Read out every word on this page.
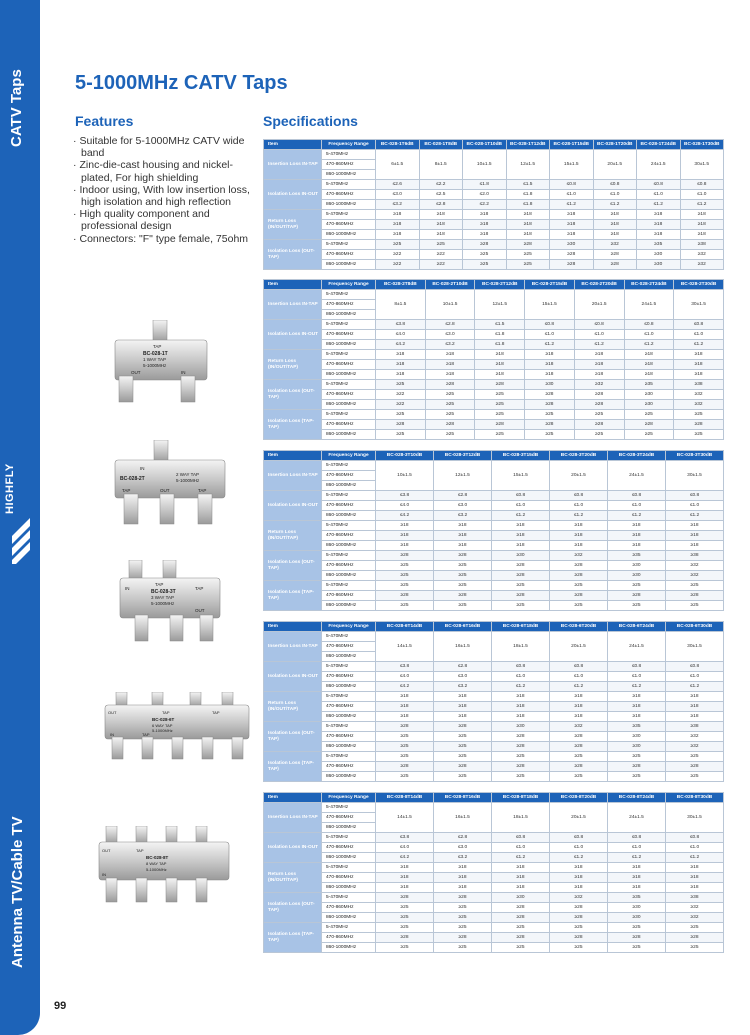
CATV Taps
HIGHFLY
Antenna TV/Cable TV
5-1000MHz CATV Taps
Features	Specifications
· Suitable for 5-1000MHz CATV wide band
· Zinc-die-cast housing and nickel-plated, For high shielding
· Indoor using, With low insertion loss, high isolation and high reflection
· High quality component and professional design
· Connectors: "F" type female, 75ohm
TAP
BC-028-1T
1 WAY TAP
5-1000MHz
OUT	IN
IN
BC-028-2T
2 WAY TAP
5-1000MHz
TAP	OUT	TAP
TAP
BC-028-3T
3 WAY TAP
5-1000MHz
IN	TAP
OUT
OUT	TAP
BC-028-6T
6 WAY TAP
5-1000MHz
IN	TAP
TAP
TAP
BC-028-8T
8 WAY TAP
5-1000MHz
OUT
IN
Item	Frequency Range	BC-028-1T6dB	BC-028-1T8dB	BC-028-1T10dB	BC-028-1T12dB	BC-028-1T15dB	BC-028-1T20dB	BC-028-1T24dB	BC-028-1T30dB
Insertion Loss IN-TAP	5-470MHz	6±1.5	8±1.5	10±1.5	12±1.5	15±1.5	20±1.5	24±1.5	30±1.5
	470-860MHz								
	860-1000MHz								
Isolation Loss IN-OUT	5-470MHz	≤2.6	≤2.2	≤1.8	≤1.5	≤0.8	≤0.8	≤0.8	≤0.8
	470-860MHz	≤3.0	≤2.5	≤2.0	≤1.8	≤1.0	≤1.0	≤1.0	≤1.0
	860-1000MHz	≤3.2	≤2.8	≤2.2	≤1.8	≤1.2	≤1.2	≤1.2	≤1.2
Return Loss (IN/OUT/TAP)	5-470MHz	≥18	≥18	≥18	≥18	≥18	≥18	≥18	≥18
	470-860MHz	≥18	≥18	≥18	≥18	≥18	≥18	≥18	≥18
	860-1000MHz	≥18	≥18	≥18	≥18	≥18	≥18	≥18	≥18
Isolation Loss (OUT-TAP)	5-470MHz	≥25	≥25	≥28	≥28	≥30	≥32	≥35	≥38
	470-860MHz	≥22	≥22	≥25	≥25	≥28	≥28	≥30	≥32
	860-1000MHz	≥22	≥22	≥25	≥25	≥28	≥28	≥30	≥32
Item	Frequency Range	BC-028-2T8dB	BC-028-2T10dB	BC-028-2T12dB	BC-028-2T15dB	BC-028-2T20dB	BC-028-2T24dB	BC-028-2T30dB
Insertion Loss IN-TAP	5-470MHz	8±1.5	10±1.5	12±1.5	15±1.5	20±1.5	24±1.5	30±1.5
	470-860MHz							
	860-1000MHz							
Isolation Loss IN-OUT	5-470MHz	≤3.8	≤2.8	≤1.5	≤0.8	≤0.8	≤0.8	≤0.8
	470-860MHz	≤4.0	≤3.0	≤1.8	≤1.0	≤1.0	≤1.0	≤1.0
	860-1000MHz	≤4.2	≤3.2	≤1.8	≤1.2	≤1.2	≤1.2	≤1.2
Return Loss (IN/OUT/TAP)	5-470MHz	≥18	≥18	≥18	≥18	≥18	≥18	≥18
	470-860MHz	≥18	≥18	≥18	≥18	≥18	≥18	≥18
	860-1000MHz	≥18	≥18	≥18	≥18	≥18	≥18	≥18
Isolation Loss (OUT-TAP)	5-470MHz	≥25	≥28	≥28	≥30	≥32	≥35	≥38
	470-860MHz	≥22	≥25	≥25	≥28	≥28	≥30	≥32
	860-1000MHz	≥22	≥25	≥25	≥28	≥28	≥30	≥32
Isolation Loss (TAP-TAP)	5-470MHz	≥25	≥25	≥25	≥25	≥25	≥25	≥25
	470-860MHz	≥28	≥28	≥28	≥28	≥28	≥28	≥28
	860-1000MHz	≥25	≥25	≥25	≥25	≥25	≥25	≥25
Item	Frequency Range	BC-028-3T10dB	BC-028-3T12dB	BC-028-3T15dB	BC-028-3T20dB	BC-028-3T24dB	BC-028-3T30dB
Insertion Loss IN-TAP	5-470MHz	10±1.5	12±1.5	15±1.5	20±1.5	24±1.5	30±1.5
	470-860MHz						
	860-1000MHz						
Isolation Loss IN-OUT	5-470MHz	≤3.8	≤2.8	≤0.8	≤0.8	≤0.8	≤0.8
	470-860MHz	≤4.0	≤3.0	≤1.0	≤1.0	≤1.0	≤1.0
	860-1000MHz	≤4.2	≤3.2	≤1.2	≤1.2	≤1.2	≤1.2
Return Loss (IN/OUT/TAP)	5-470MHz	≥18	≥18	≥18	≥18	≥18	≥18
	470-860MHz	≥18	≥18	≥18	≥18	≥18	≥18
	860-1000MHz	≥18	≥18	≥18	≥18	≥18	≥18
Isolation Loss (OUT-TAP)	5-470MHz	≥28	≥28	≥30	≥32	≥35	≥38
	470-860MHz	≥25	≥25	≥28	≥28	≥30	≥32
	860-1000MHz	≥25	≥25	≥28	≥28	≥30	≥32
Isolation Loss (TAP-TAP)	5-470MHz	≥25	≥25	≥25	≥25	≥25	≥25
	470-860MHz	≥28	≥28	≥28	≥28	≥28	≥28
	860-1000MHz	≥25	≥25	≥25	≥25	≥25	≥25
Item	Frequency Range	BC-028-6T14dB	BC-028-6T16dB	BC-028-6T18dB	BC-028-6T20dB	BC-028-6T24dB	BC-028-6T30dB
Insertion Loss IN-TAP	5-470MHz	14±1.5	16±1.5	18±1.5	20±1.5	24±1.5	30±1.5
	470-860MHz						
	860-1000MHz						
Isolation Loss IN-OUT	5-470MHz	≤3.8	≤2.8	≤0.8	≤0.8	≤0.8	≤0.8
	470-860MHz	≤4.0	≤3.0	≤1.0	≤1.0	≤1.0	≤1.0
	860-1000MHz	≤4.2	≤3.2	≤1.2	≤1.2	≤1.2	≤1.2
Return Loss (IN/OUT/TAP)	5-470MHz	≥18	≥18	≥18	≥18	≥18	≥18
	470-860MHz	≥18	≥18	≥18	≥18	≥18	≥18
	860-1000MHz	≥18	≥18	≥18	≥18	≥18	≥18
Isolation Loss (OUT-TAP)	5-470MHz	≥28	≥28	≥30	≥32	≥35	≥38
	470-860MHz	≥25	≥25	≥28	≥28	≥30	≥32
	860-1000MHz	≥25	≥25	≥28	≥28	≥30	≥32
Isolation Loss (TAP-TAP)	5-470MHz	≥25	≥25	≥25	≥25	≥25	≥25
	470-860MHz	≥28	≥28	≥28	≥28	≥28	≥28
	860-1000MHz	≥25	≥25	≥25	≥25	≥25	≥25
Item	Frequency Range	BC-028-8T14dB	BC-028-8T16dB	BC-028-8T18dB	BC-028-8T20dB	BC-028-8T24dB	BC-028-8T30dB
Insertion Loss IN-TAP	5-470MHz	14±1.5	16±1.5	18±1.5	20±1.5	24±1.5	30±1.5
	470-860MHz						
	860-1000MHz						
Isolation Loss IN-OUT	5-470MHz	≤3.8	≤2.8	≤0.8	≤0.8	≤0.8	≤0.8
	470-860MHz	≤4.0	≤3.0	≤1.0	≤1.0	≤1.0	≤1.0
	860-1000MHz	≤4.2	≤3.2	≤1.2	≤1.2	≤1.2	≤1.2
Return Loss (IN/OUT/TAP)	5-470MHz	≥18	≥18	≥18	≥18	≥18	≥18
	470-860MHz	≥18	≥18	≥18	≥18	≥18	≥18
	860-1000MHz	≥18	≥18	≥18	≥18	≥18	≥18
Isolation Loss (OUT-TAP)	5-470MHz	≥28	≥28	≥30	≥32	≥35	≥38
	470-860MHz	≥25	≥25	≥28	≥28	≥30	≥32
	860-1000MHz	≥25	≥25	≥28	≥28	≥30	≥32
Isolation Loss (TAP-TAP)	5-470MHz	≥25	≥25	≥25	≥25	≥25	≥25
	470-860MHz	≥28	≥28	≥28	≥28	≥28	≥28
	860-1000MHz	≥25	≥25	≥25	≥25	≥25	≥25
99
